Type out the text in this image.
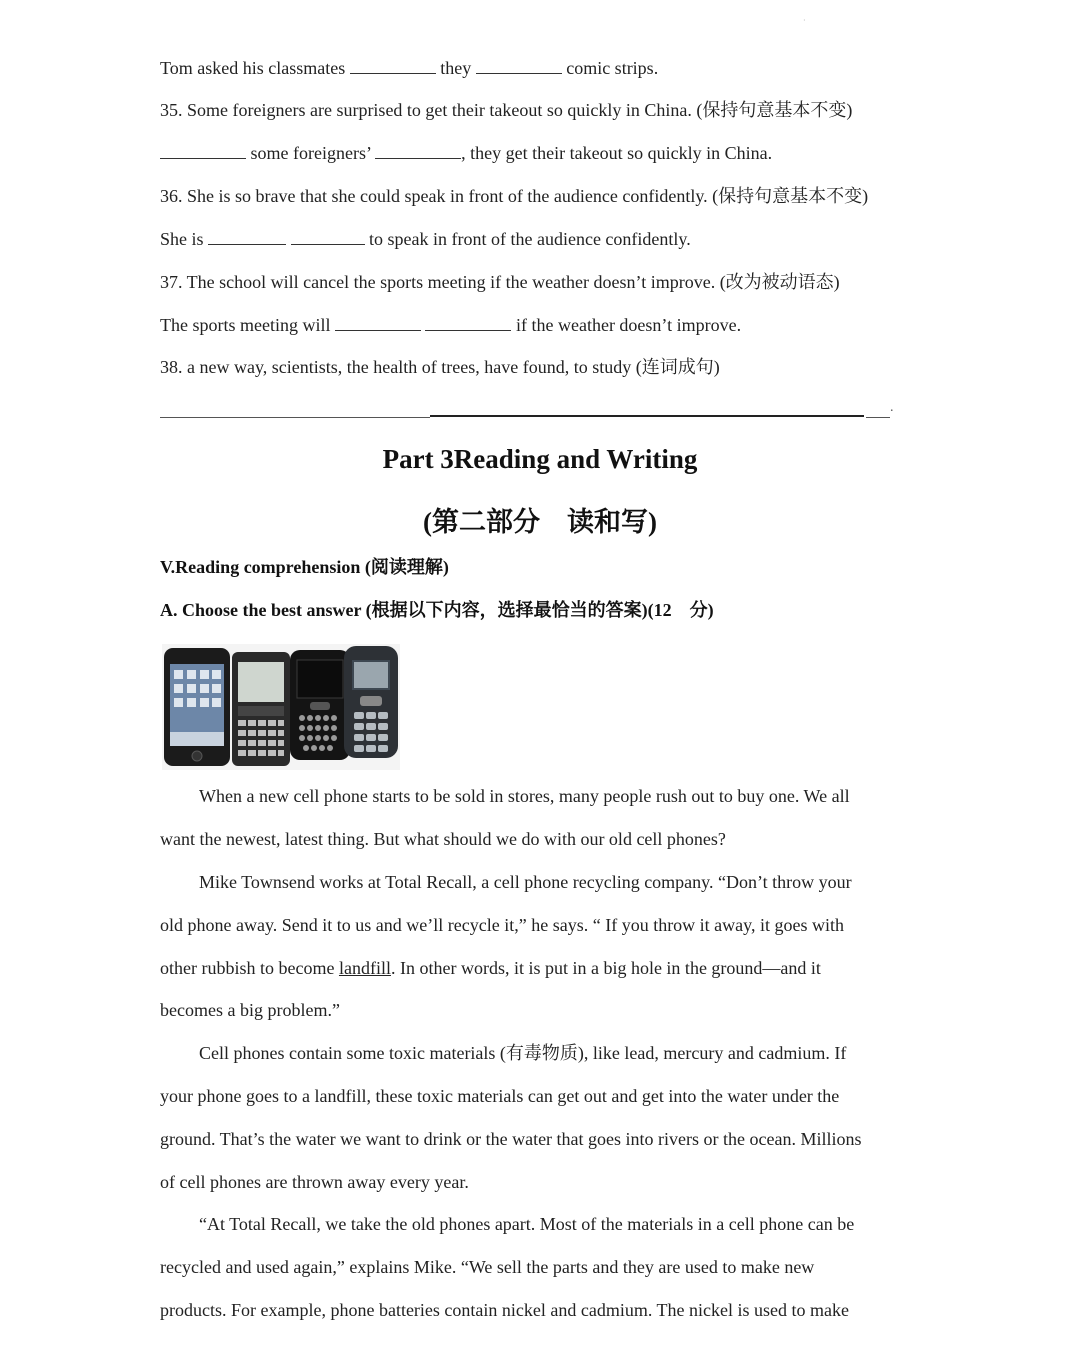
·
Tom asked his classmates	they	comic strips.
35. Some foreigners are surprised to get their takeout so quickly in China. (保持句意基本不变)
some foreigners’	, they get their takeout so quickly in China.
36. She is so brave that she could speak in front of the audience confidently. (保持句意基本不变)
She is	to speak in front of the audience confidently.
37. The school will cancel the sports meeting if the weather doesn’t improve. (改为被动语态)
The sports meeting will	if the weather doesn’t improve.
38. a new way, scientists, the health of trees, have found, to study (连词成句)
.
Part 3Reading and Writing
(第二部分　读和写)
V.Reading comprehension (阅读理解)
A. Choose the best answer (根据以下内容，选择最恰当的答案)(12　分)
When a new cell phone starts to be sold in stores, many people rush out to buy one. We all
want the newest, latest thing. But what should we do with our old cell phones?
Mike Townsend works at Total Recall, a cell phone recycling company. “Don’t throw your
old phone away. Send it to us and we’ll recycle it,” he says. “ If you throw it away, it goes with
other rubbish to become landfill. In other words, it is put in a big hole in the ground—and it
becomes a big problem.”
Cell phones contain some toxic materials (有毒物质), like lead, mercury and cadmium. If
your phone goes to a landfill, these toxic materials can get out and get into the water under the
ground. That’s the water we want to drink or the water that goes into rivers or the ocean. Millions
of cell phones are thrown away every year.
“At Total Recall, we take the old phones apart. Most of the materials in a cell phone can be
recycled and used again,” explains Mike. “We sell the parts and they are used to make new
products. For example, phone batteries contain nickel and cadmium. The nickel is used to make
